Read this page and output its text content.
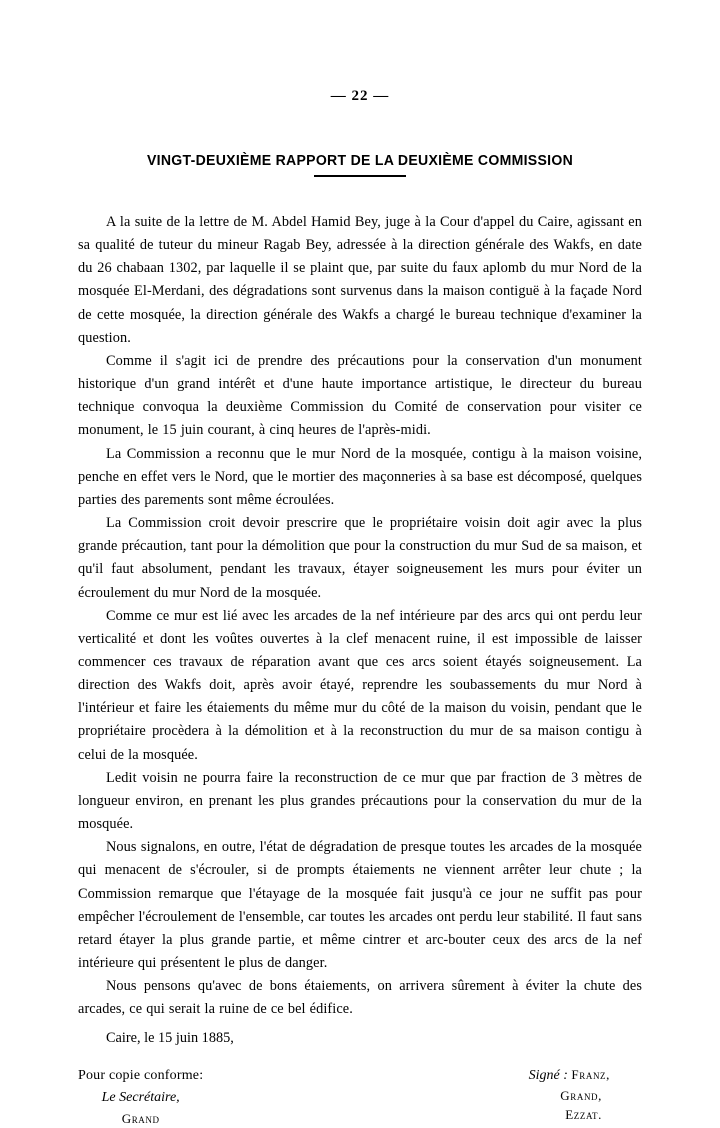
— 22 —
VINGT-DEUXIÈME RAPPORT DE LA DEUXIÈME COMMISSION

A la suite de la lettre de M. Abdel Hamid Bey, juge à la Cour d'appel du Caire, agissant en sa qualité de tuteur du mineur Ragab Bey, adressée à la direction générale des Wakfs, en date du 26 chabaan 1302, par laquelle il se plaint que, par suite du faux aplomb du mur Nord de la mosquée El-Merdani, des dégradations sont survenus dans la maison contiguë à la façade Nord de cette mosquée, la direction générale des Wakfs a chargé le bureau technique d'examiner la question.

Comme il s'agit ici de prendre des précautions pour la conservation d'un monument historique d'un grand intérêt et d'une haute importance artistique, le directeur du bureau technique convoqua la deuxième Commission du Comité de conservation pour visiter ce monument, le 15 juin courant, à cinq heures de l'après-midi.

La Commission a reconnu que le mur Nord de la mosquée, contigu à la maison voisine, penche en effet vers le Nord, que le mortier des maçonneries à sa base est décomposé, quelques parties des parements sont même écroulées.

La Commission croit devoir prescrire que le propriétaire voisin doit agir avec la plus grande précaution, tant pour la démolition que pour la construction du mur Sud de sa maison, et qu'il faut absolument, pendant les travaux, étayer soigneusement les murs pour éviter un écroulement du mur Nord de la mosquée.

Comme ce mur est lié avec les arcades de la nef intérieure par des arcs qui ont perdu leur verticalité et dont les voûtes ouvertes à la clef menacent ruine, il est impossible de laisser commencer ces travaux de réparation avant que ces arcs soient étayés soigneusement. La direction des Wakfs doit, après avoir étayé, reprendre les soubassements du mur Nord à l'intérieur et faire les étaiements du même mur du côté de la maison du voisin, pendant que le propriétaire procèdera à la démolition et à la reconstruction du mur de sa maison contigu à celui de la mosquée.

Ledit voisin ne pourra faire la reconstruction de ce mur que par fraction de 3 mètres de longueur environ, en prenant les plus grandes précautions pour la conservation du mur de la mosquée.

Nous signalons, en outre, l'état de dégradation de presque toutes les arcades de la mosquée qui menacent de s'écrouler, si de prompts étaiements ne viennent arrêter leur chute ; la Commission remarque que l'étayage de la mosquée fait jusqu'à ce jour ne suffit pas pour empêcher l'écroulement de l'ensemble, car toutes les arcades ont perdu leur stabilité. Il faut sans retard étayer la plus grande partie, et même cintrer et arc-bouter ceux des arcs de la nef intérieure qui présentent le plus de danger.

Nous pensons qu'avec de bons étaiements, on arrivera sûrement à éviter la chute des arcades, ce qui serait la ruine de ce bel édifice.

Caire, le 15 juin 1885,
Pour copie conforme:
Le Secrétaire,
Grand
Signé : Franz,
Grand,
Ezzat.
